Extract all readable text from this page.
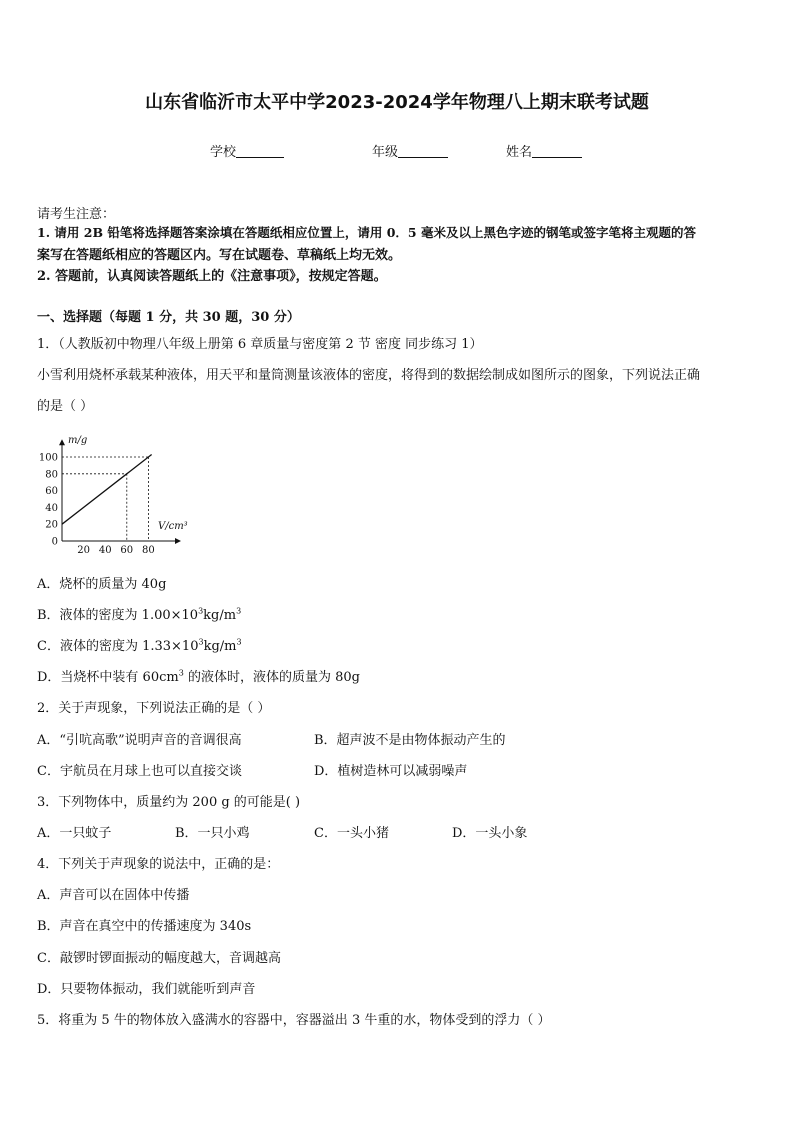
山东省临沂市太平中学2023-2024学年物理八上期末联考试题
学校	年级	姓名
请考生注意：
1. 请用 2B 铅笔将选择题答案涂填在答题纸相应位置上，请用 0．5 毫米及以上黑色字迹的钢笔或签字笔将主观题的答
案写在答题纸相应的答题区内。写在试题卷、草稿纸上均无效。
2. 答题前，认真阅读答题纸上的《注意事项》，按规定答题。
一、选择题（每题 1 分，共 30 题，30 分）
1．（人教版初中物理八年级上册第 6 章质量与密度第 2 节 密度 同步练习 1）
小雪利用烧杯承载某种液体，用天平和量筒测量该液体的密度，将得到的数据绘制成如图所示的图象，下列说法正确
的是（ ）
0
20
40
60
80
100
20 40 60 80
m/g
V/cm³
A．烧杯的质量为 40g
B．液体的密度为 $1.00\times 10^3kg/m^3$
C．液体的密度为 $1.33\times 10^3kg/m^3$
D．当烧杯中装有 $60cm^3$ 的液体时，液体的质量为 80g
2．关于声现象，下列说法正确的是（ ）
A．“引吭高歌”说明声音的音调很高	B．超声波不是由物体振动产生的
C．宇航员在月球上也可以直接交谈	D．植树造林可以减弱噪声
3．下列物体中，质量约为 200 g 的可能是( )
A．一只蚊子	B．一只小鸡	C．一头小猪	D．一头小象
4．下列关于声现象的说法中，正确的是：
A．声音可以在固体中传播
B．声音在真空中的传播速度为 340s
C．敲锣时锣面振动的幅度越大，音调越高
D．只要物体振动，我们就能听到声音
5．将重为 5 牛的物体放入盛满水的容器中，容器溢出 3 牛重的水，物体受到的浮力（ ）
